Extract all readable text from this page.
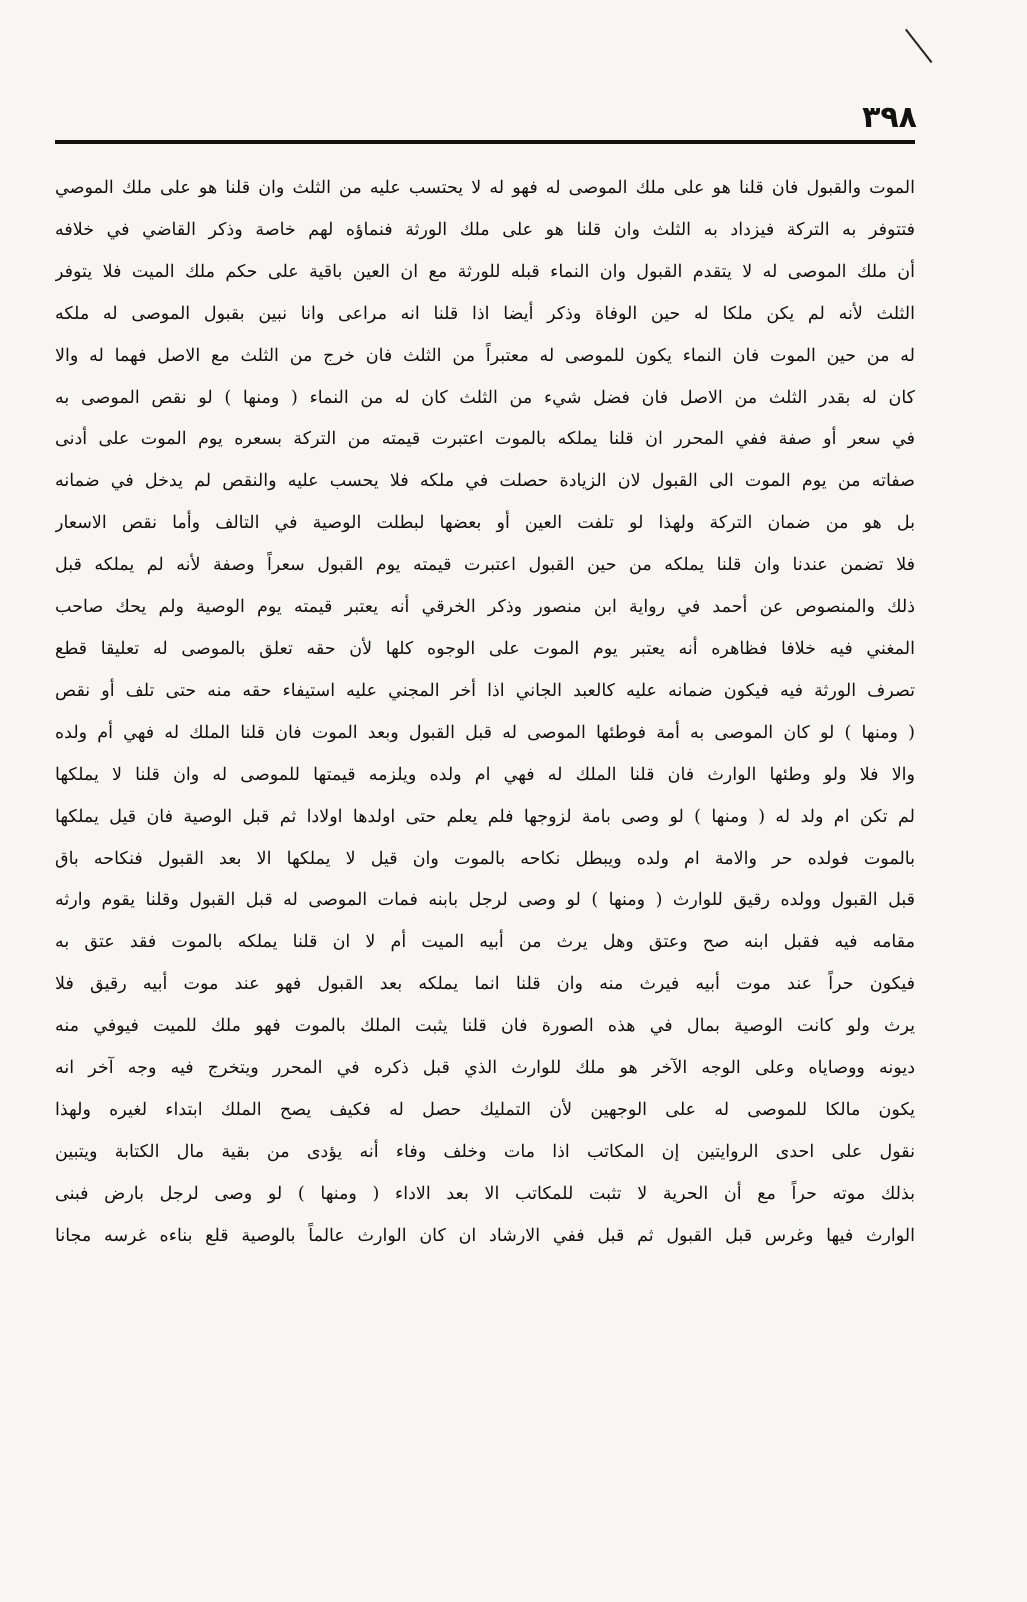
٣٩٨
الموت والقبول فان قلنا هو على ملك الموصى له فهو له لا يحتسب عليه من الثلث وان قلنا هو على ملك الموصي
فتتوفر به التركة فيزداد به الثلث وان قلنا هو على ملك الورثة فنماؤه لهم خاصة وذكر القاضي في خلافه
أن ملك الموصى له لا يتقدم القبول وان النماء قبله للورثة مع ان العين باقية على حكم ملك الميت فلا يتوفر
الثلث لأنه لم يكن ملكا له حين الوفاة وذكر أيضا اذا قلنا انه مراعى وانا نبين بقبول الموصى له ملكه
له من حين الموت فان النماء يكون للموصى له معتبراً من الثلث فان خرج من الثلث مع الاصل فهما له والا
كان له بقدر الثلث من الاصل فان فضل شيء من الثلث كان له من النماء ( ومنها ) لو نقص الموصى به
في سعر أو صفة ففي المحرر ان قلنا يملكه بالموت اعتبرت قيمته من التركة بسعره يوم الموت على أدنى
صفاته من يوم الموت الى القبول لان الزيادة حصلت في ملكه فلا يحسب عليه والنقص لم يدخل في ضمانه
بل هو من ضمان التركة ولهذا لو تلفت العين أو بعضها لبطلت الوصية في التالف وأما نقص الاسعار
فلا تضمن عندنا وان قلنا يملكه من حين القبول اعتبرت قيمته يوم القبول سعراً وصفة لأنه لم يملكه قبل
ذلك والمنصوص عن أحمد في رواية ابن منصور وذكر الخرقي أنه يعتبر قيمته يوم الوصية ولم يحك صاحب
المغني فيه خلافا فظاهره أنه يعتبر يوم الموت على الوجوه كلها لأن حقه تعلق بالموصى له تعليقا قطع
تصرف الورثة فيه فيكون ضمانه عليه كالعبد الجاني اذا أخر المجني عليه استيفاء حقه منه حتى تلف أو نقص
( ومنها ) لو كان الموصى به أمة فوطئها الموصى له قبل القبول وبعد الموت فان قلنا الملك له فهي أم ولده
والا فلا ولو وطئها الوارث فان قلنا الملك له فهي ام ولده ويلزمه قيمتها للموصى له وان قلنا لا يملكها
لم تكن ام ولد له ( ومنها ) لو وصى بامة لزوجها فلم يعلم حتى اولدها اولادا ثم قبل الوصية فان قيل يملكها
بالموت فولده حر والامة ام ولده ويبطل نكاحه بالموت وان قيل لا يملكها الا بعد القبول فنكاحه باق
قبل القبول وولده رقيق للوارث ( ومنها ) لو وصى لرجل بابنه فمات الموصى له قبل القبول وقلنا يقوم وارثه
مقامه فيه فقبل ابنه صح وعتق وهل يرث من أبيه الميت أم لا ان قلنا يملكه بالموت فقد عتق به
فيكون حراً عند موت أبيه فيرث منه وان قلنا انما يملكه بعد القبول فهو عند موت أبيه رقيق فلا
يرث ولو كانت الوصية بمال في هذه الصورة فان قلنا يثبت الملك بالموت فهو ملك للميت فيوفي منه
ديونه ووصاياه وعلى الوجه الآخر هو ملك للوارث الذي قبل ذكره في المحرر ويتخرج فيه وجه آخر انه
يكون مالكا للموصى له على الوجهين لأن التمليك حصل له فكيف يصح الملك ابتداء لغيره ولهذا
نقول على احدى الروايتين إن المكاتب اذا مات وخلف وفاء أنه يؤدى من بقية مال الكتابة ويتبين
بذلك موته حراً مع أن الحرية لا تثبت للمكاتب الا بعد الاداء ( ومنها ) لو وصى لرجل بارض فبنى
الوارث فيها وغرس قبل القبول ثم قبل ففي الارشاد ان كان الوارث عالماً بالوصية قلع بناءه غرسه مجانا
